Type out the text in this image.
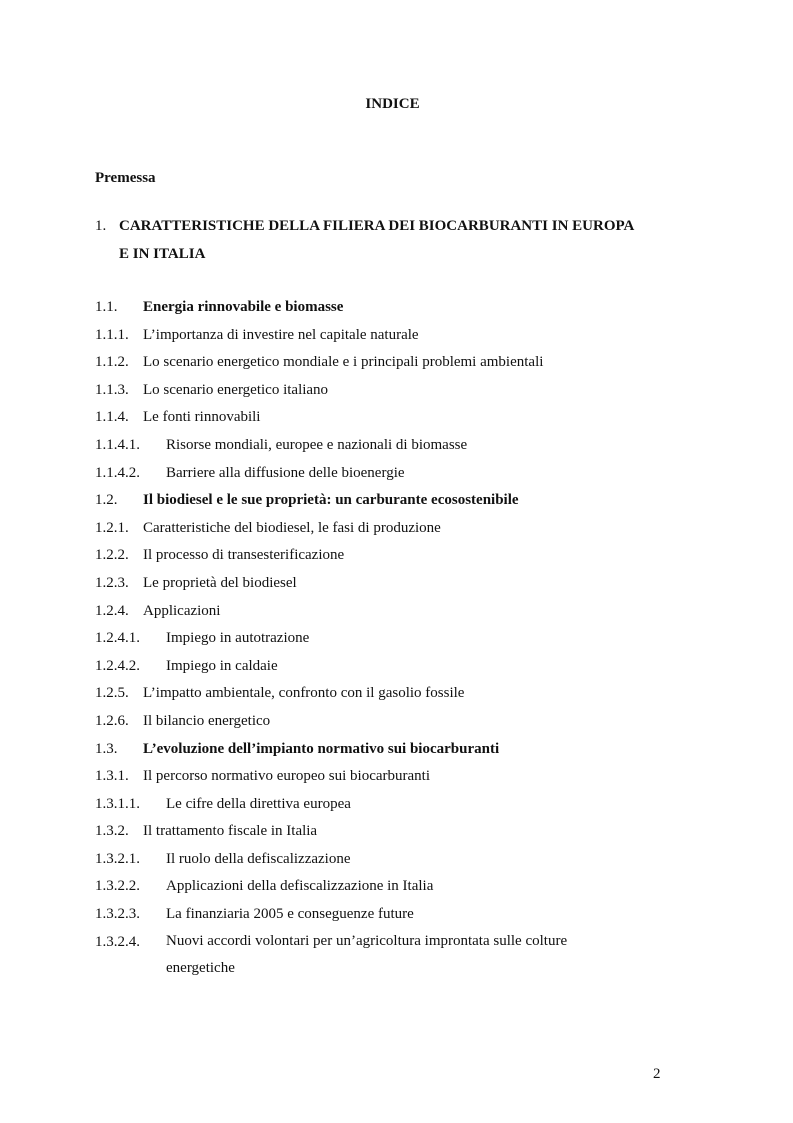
INDICE
Premessa
1. CARATTERISTICHE DELLA FILIERA DEI BIOCARBURANTI IN EUROPA E IN ITALIA
1.1. Energia rinnovabile e biomasse
1.1.1. L’importanza di investire nel capitale naturale
1.1.2. Lo scenario energetico mondiale e i principali problemi ambientali
1.1.3. Lo scenario energetico italiano
1.1.4. Le fonti rinnovabili
1.1.4.1. Risorse mondiali, europee e nazionali di biomasse
1.1.4.2. Barriere alla diffusione delle bioenergie
1.2. Il biodiesel e le sue proprietà: un carburante ecosostenibile
1.2.1. Caratteristiche del biodiesel, le fasi di produzione
1.2.2. Il processo di transesterificazione
1.2.3. Le proprietà del biodiesel
1.2.4. Applicazioni
1.2.4.1. Impiego in autotrazione
1.2.4.2. Impiego in caldaie
1.2.5. L’impatto ambientale, confronto con il gasolio fossile
1.2.6. Il bilancio energetico
1.3. L’evoluzione dell’impianto normativo sui biocarburanti
1.3.1. Il percorso normativo europeo sui biocarburanti
1.3.1.1. Le cifre della direttiva europea
1.3.2. Il trattamento fiscale in Italia
1.3.2.1. Il ruolo della defiscalizzazione
1.3.2.2. Applicazioni della defiscalizzazione in Italia
1.3.2.3. La finanziaria 2005 e conseguenze future
1.3.2.4. Nuovi accordi volontari per un’agricoltura improntata sulle colture energetiche
2
